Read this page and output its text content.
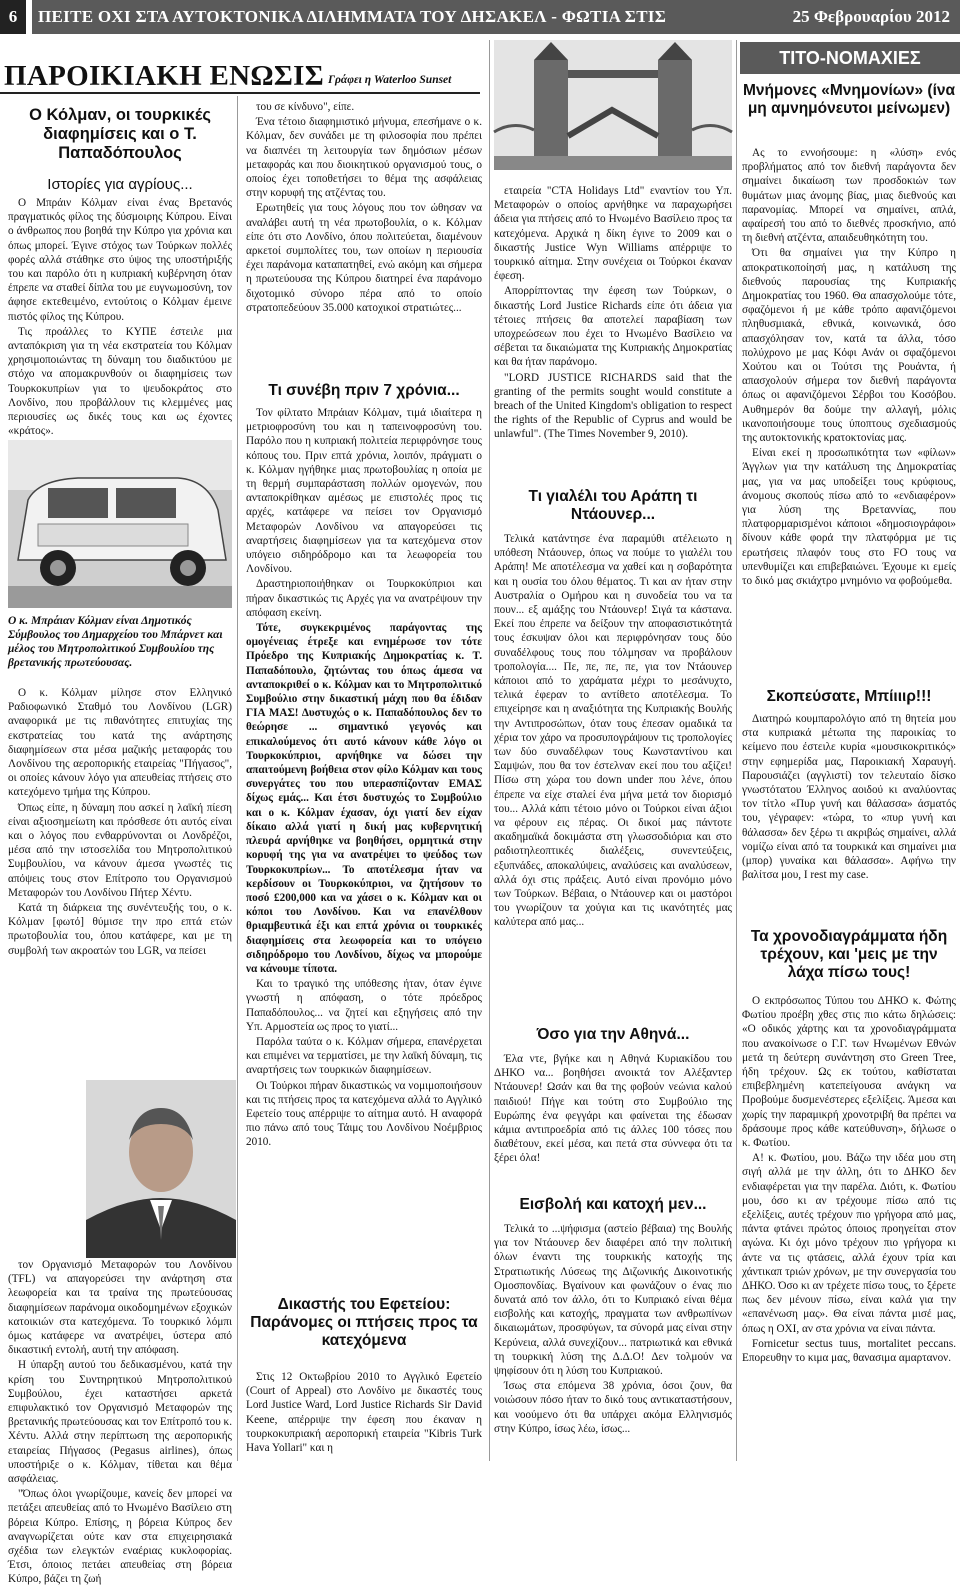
6	ΠΕΙΤΕ ΟΧΙ ΣΤΑ ΑΥΤΟΚΤΟΝΙΚΑ ΔΙΛΗΜΜΑΤΑ ΤΟΥ ΔΗΣΑΚΕΛ - ΦΩΤΙΑ ΣΤΙΣ ΒΑΣΕΙΣ
25 Φεβρουαρίου 2012
ΠΑΡΟΙΚΙΑΚΗ ΕΝΩΣΙΣ Γράφει η Waterloo Sunset
Ο Κόλμαν, οι τουρκικές διαφημίσεις και ο Τ. Παπαδόπουλος
Ιστορίες για αγρίους...

Ο Μπράιν Κόλμαν είναι ένας Βρετανός πραγματικός φίλος της δύσμοιρης Κύπρου. Είναι ο άνθρωπος που βοηθά την Κύπρο για χρόνια και όπως μπορεί. Έγινε στόχος των Τούρκων πολλές φορές αλλά στάθηκε στο ύψος της υποστήριξής του και παρόλο ότι η κυπριακή κυβέρνηση όταν έπρεπε να σταθεί δίπλα του με ευγνωμοσύνη, τον άφησε εκτεθειμένο, εντούτοις ο Κόλμαν έμεινε πιστός φίλος της Κύπρου.

Τις προάλλες το ΚΥΠΕ έστειλε μια ανταπόκριση για τη νέα εκστρατεία του Κόλμαν χρησιμοποιώντας τη δύναμη του διαδικτύου με στόχο να απομακρυνθούν οι διαφημίσεις των Τουρκοκυπρίων για το ψευδοκράτος στο Λονδίνο, που προβάλλουν τις κλεμμένες μας περιουσίες ως δικές τους και ως έχοντες «κράτος».

Ο κ. Μπράιαν Κόλμαν είναι Δημοτικός Σύμβουλος του Δημαρχείου του Μπάρνετ και μέλος του Μητροπολιτικού Συμβουλίου της βρετανικής πρωτεύουσας.

Ο κ. Κόλμαν μίλησε στον Ελληνικό Ραδιοφωνικό Σταθμό του Λονδίνου (LGR) αναφορικά με τις πιθανότητες επιτυχίας της εκστρατείας του κατά της ανάρτησης διαφημίσεων στα μέσα μαζικής μεταφοράς του Λονδίνου της αεροπορικής εταιρείας "Πήγασος", οι οποίες κάνουν λόγο για απευθείας πτήσεις στο κατεχόμενο τμήμα της Κύπρου.

Όπως είπε, η δύναμη που ασκεί η λαϊκή πίεση είναι αξιοσημείωτη και πρόσθεσε ότι αυτός είναι και ο λόγος που ενθαρρύνονται οι Λονδρέζοι, μέσα από την ιστοσελίδα του Μητροπολιτικού Συμβουλίου, να κάνουν άμεσα γνωστές τις απόψεις τους στον Επίτροπο του Οργανισμού Μεταφορών του Λονδίνου Πήτερ Χέντυ.

Κατά τη διάρκεια της συνέντευξής του, ο κ. Κόλμαν [φωτό] θύμισε την προ επτά ετών πρωτοβουλία του, όπου κατάφερε, και με τη συμβολή των ακροατών του LGR, να πείσει

τον Οργανισμό Μεταφορών του Λονδίνου (TFL) να απαγορεύσει την ανάρτηση στα λεωφορεία και τα τραίνα της πρωτεύουσας διαφημίσεων παράνομα οικοδομημένων εξοχικών κατοικιών στα κατεχόμενα. Το τουρκικό λόμπι όμως κατάφερε να ανατρέψει, ύστερα από δικαστική εντολή, αυτή την απόφαση.

Η ύπαρξη αυτού του δεδικασμένου, κατά την κρίση του Συντηρητικού Μητροπολιτικού Συμβούλου, έχει καταστήσει αρκετά επιφυλακτικό τον Οργανισμό Μεταφορών της βρετανικής πρωτεύουσας και τον Επίτροπό του κ. Χέντυ. Αλλά στην περίπτωση της αεροπορικής εταιρείας Πήγασος (Pegasus airlines), όπως υποστήριξε ο κ. Κόλμαν, τίθεται και θέμα ασφάλειας.

"Όπως όλοι γνωρίζουμε, κανείς δεν μπορεί να πετάξει απευθείας από το Ηνωμένο Βασίλειο στη βόρεια Κύπρο. Επίσης, η βόρεια Κύπρος δεν αναγνωρίζεται ούτε καν στα επιχειρησιακά σχέδια των ελεγκτών εναέριας κυκλοφορίας. Έτσι, όποιος πετάει απευθείας στη βόρεια Κύπρο, βάζει τη ζωή

του σε κίνδυνο", είπε.

Ένα τέτοιο διαφημιστικό μήνυμα, επεσήμανε ο κ. Κόλμαν, δεν συνάδει με τη φιλοσοφία που πρέπει να διαπνέει τη λειτουργία των δημόσιων μέσων μεταφοράς και που διοικητικού οργανισμού τους, ο οποίος έχει τοποθετήσει το θέμα της ασφάλειας στην κορυφή της ατζέντας του.

Ερωτηθείς για τους λόγους που τον ώθησαν να αναλάβει αυτή τη νέα πρωτοβουλία, ο κ. Κόλμαν είπε ότι στο Λονδίνο, όπου πολιτεύεται, διαμένουν αρκετοί συμπολίτες του, των οποίων η περιουσία έχει παράνομα καταπατηθεί, ενώ ακόμη και σήμερα η πρωτεύουσα της Κύπρου διατηρεί ένα παράνομο διχοτομικό σύνορο πέρα από το οποίο στρατοπεδεύουν 35.000 κατοχικοί στρατιώτες...

Τι συνέβη πριν 7 χρόνια...

Τον φίλτατο Μπράιαν Κόλμαν, τιμά ιδιαίτερα η μετριοφροσύνη του και η ταπεινοφροσύνη του. Παρόλο που η κυπριακή πολιτεία περιφρόνησε τους κόπους του. Πριν επτά χρόνια, λοιπόν, πράγματι ο κ. Κόλμαν ηγήθηκε μιας πρωτοβουλίας η οποία με τη θερμή συμπαράσταση πολλών ομογενών, που ανταποκρίθηκαν αμέσως με επιστολές προς τις αρχές, κατάφερε να πείσει τον Οργανισμό Μεταφορών Λονδίνου να απαγορεύσει τις αναρτήσεις διαφημίσεων για τα κατεχόμενα στον υπόγειο σιδηρόδρομο και τα λεωφορεία του Λονδίνου.

Δραστηριοποιήθηκαν οι Τουρκοκύπριοι και πήραν δικαστικώς τις Αρχές για να ανατρέψουν την απόφαση εκείνη.

Τότε, συγκεκριμένος παράγοντας της ομογένειας έτρεξε και ενημέρωσε τον τότε Πρόεδρο της Κυπριακής Δημοκρατίας κ. Τ. Παπαδόπουλο, ζητώντας του όπως άμεσα να ανταποκριθεί ο κ. Κόλμαν και το Μητροπολιτικό Συμβούλιο στην δικαστική μάχη που θα έδιδαν ΓΙΑ ΜΑΣ! Δυστυχώς ο κ. Παπαδόπουλος δεν το θεώρησε ... σημαντικό γεγονός και επικαλούμενος ότι αυτό κάνουν κάθε λόγο οι Τουρκοκύπριοι, αρνήθηκε να δώσει την απαιτούμενη βοήθεια στον φίλο Κόλμαν και τους συνεργάτες του που υπερασπίζονταν ΕΜΑΣ δίχως εμάς... Και έτσι δυστυχώς το Συμβούλιο και ο κ. Κόλμαν έχασαν, όχι γιατί δεν είχαν δίκαιο αλλά γιατί η δική μας κυβερνητική πλευρά αρνήθηκε να βοηθήσει, ορμητικά στην κορυφή της για να ανατρέψει το ψεύδος των Τουρκοκυπρίων... Το αποτέλεσμα ήταν να κερδίσουν οι Τουρκοκύπριοι, να ζητήσουν το ποσό £200,000 και να χάσει ο κ. Κόλμαν και οι κόποι του Λονδίνου. Και να επανέλθουν θριαμβευτικά έξι και επτά χρόνια οι τουρκικές διαφημίσεις στα λεωφορεία και το υπόγειο σιδηρόδρομο του Λονδίνου, δίχως να μπορούμε να κάνουμε τίποτα.

Και το τραγικό της υπόθεσης ήταν, όταν έγινε γνωστή η απόφαση, ο τότε πρόεδρος Παπαδόπουλος... να ζητεί και εξηγήσεις από την Υπ. Αρμοστεία ως προς το γιατί...

Παρόλα ταύτα ο κ. Κόλμαν σήμερα, επανέρχεται και επιμένει να τερματίσει, με την λαϊκή δύναμη, τις αναρτήσεις των τουρκικών διαφημίσεων.

Οι Τούρκοι πήραν δικαστικώς να νομιμοποιήσουν και τις πτήσεις προς τα κατεχόμενα αλλά το Αγγλικό Εφετείο τους απέρριψε το αίτημα αυτό. Η αναφορά πιο πάνω από τους Τάιμς του Λονδίνου Νοέμβριος 2010.

Δικαστής του Εφετείου: Παράνομες οι πτήσεις προς τα κατεχόμενα

Στις 12 Οκτωβρίου 2010 το Αγγλικό Εφετείο (Court of Appeal) στο Λονδίνο με δικαστές τους Lord Justice Ward, Lord Justice Richards Sir David Keene, απέρριψε την έφεση που έκαναν η τουρκοκυπριακή αεροπορική εταιρεία "Kibris Turk Hava Yollari" και η

εταιρεία "CTA Holidays Ltd" εναντίον του Υπ. Μεταφορών ο οποίος αρνήθηκε να παραχωρήσει άδεια για πτήσεις από το Ηνωμένο Βασίλειο προς τα κατεχόμενα. Αρχικά η δίκη έγινε το 2009 και ο δικαστής Justice Wyn Williams απέρριψε το τουρκικό αίτημα. Στην συνέχεια οι Τούρκοι έκαναν έφεση.

Απορρίπτοντας την έφεση των Τούρκων, ο δικαστής Lord Justice Richards είπε ότι άδεια για τέτοιες πτήσεις θα αποτελεί παραβίαση των υποχρεώσεων που έχει το Ηνωμένο Βασίλειο να σέβεται τα δικαιώματα της Κυπριακής Δημοκρατίας και θα ήταν παράνομο.

"LORD JUSTICE RICHARDS said that the granting of the permits sought would constitute a breach of the United Kingdom's obligation to respect the rights of the Republic of Cyprus and would be unlawful". (The Times November 9, 2010).

Τι γιαλέλι του Αράπη τι Ντάουνερ...

Τελικά κατάντησε ένα παραμύθι ατέλειωτο η υπόθεση Ντάουνερ, όπως να πούμε το γιαλέλι του Αράπη! Με αποτέλεσμα να χαθεί και η σοβαρότητα και η ουσία του όλου θέματος. Τι και αν ήταν στην Αυστραλία ο Ομήρου και η συνοδεία του να τα πουν... εξ αμάξης του Ντάουνερ! Σιγά τα κάστανα. Εκεί που έπρεπε να δείξουν την αποφασιστικότητά τους έσκυψαν όλοι και περιφρόνησαν τους δύο συναδέλφους τους που τόλμησαν να προβάλουν τροπολογία.... Πε, πε, πε, πε, για τον Ντάουνερ κάποιοι από το χαράματα μέχρι το μεσάνυχτο, τελικά έφεραν το αντίθετο αποτέλεσμα. Το επιχείρησε και η αναξιότητα της Κυπριακής Βουλής την Αντιπροσώπων, όταν τους έπεσαν ομαδικά τα χέρια τον χάρο να προσυπογράψουν τις τροπολογίες των δύο συναδέλφων τους Κωνσταντίνου και Σαμψών, που θα τον έστελναν εκεί που του αξίζει! Πίσω στη χώρα του down under που λένε, όπου έπρεπε να είχε σταλεί ένα μήνα μετά τον διορισμό του... Αλλά κάπι τέτοιο μόνο οι Τούρκοι είναι άξιοι να φέρουν εις πέρας. Οι δικοί μας πάντοτε ακαδημαϊκά δοκιμάστα στη γλωσσοδιόρια και στο ραδιοτηλεοπτικές διαλέξεις, συνεντεύξεις, εξυπνάδες, αποκαλύψεις, αναλύσεις και αναλύσεων, αλλά όχι στις πράξεις. Αυτό είναι προνόμιο μόνο των Τούρκων. Βέβαια, ο Ντάουνερ και οι μαστόροι του γνωρίζουν τα χούγια και τις ικανότητές μας καλύτερα από μας...

Όσο για την Αθηνά...

Έλα ντε, βγήκε και η Αθηνά Κυριακίδου του ΔΗΚΟ να... βοηθήσει ανοικτά τον Αλέξαντερ Ντάουνερ! Ωσάν και θα της φοβούν νεώνια καλού παιδιού! Πήγε και τούτη στο Συμβούλιο της Ευρώπης ένα φεγγάρι και φαίνεται της έδωσαν κάμια αντιπροεδρία από τις άλλες 100 τόσες που διαθέτουν, εκεί μέσα, και πετά στα σύννεφα ότι τα ξέρει όλα!

Εισβολή και κατοχή μεν...

Τελικά το ...ψήφισμα (αστείο βέβαια) της Βουλής για τον Ντάουνερ δεν διαφέρει από την πολιτική όλων έναντι της τουρκικής κατοχής της Στρατιωτικής Λύσεως της Διζωνικής Δικοινοτικής Ομοσπονδίας. Βγαίνουν και φωνάζουν ο ένας πιο δυνατά από τον άλλο, ότι το Κυπριακό είναι θέμα εισβολής και κατοχής, πραγματα των ανθρωπίνων δικαιωμάτων, προσφύγων, τα σύνορά μας είναι στην Κερύνεια, αλλά συνεχίζουν... πατριωτικά και εθνικά τη τουρκική λύση της Δ.Δ.Ο! Δεν τολμούν να ψηφίσουν ότι η λύση του Κυπριακού.

Ίσως στα επόμενα 38 χρόνια, όσοι ζουν, θα νοιώσουν πόσο ήταν το δικό τους αντικαταστήσουν, και νοούμενο ότι θα υπάρχει ακόμα Ελληνισμός στην Κύπρο, ίσως λέω, ίσως...

ΤΙΤΟ-ΝΟΜΑΧΙΕΣ
Μνήμονες «Μνημονίων» (ίνα μη αμνημόνευτοι μείνωμεν)

Ας το εννοήσουμε: η «λύση» ενός προβλήματος από τον διεθνή παράγοντα δεν σημαίνει δικαίωση των προσδοκιών των θυμάτων μιας άνομης βίας, μιας διεθνούς και παρανομίας. Μπορεί να σημαίνει, απλά, αφαίρεσή του από το διεθνές προσκήνιο, από τη διεθνή ατζέντα, απαιδευθηκότητη του.

Ότι θα σημαίνει για την Κύπρο η αποκρατικοποίησή μας, η κατάλυση της διεθνούς παρουσίας της Κυπριακής Δημοκρατίας του 1960. Θα απασχολούμε τότε, σφαζόμενοι ή με κάθε τρόπο αφανιζόμενοι πληθυσμιακά, εθνικά, κοινωνικά, όσο απασχόλησαν τον, κατά τα άλλα, τόσο πολύχρονο με μας Κόφι Ανάν οι σφαζόμενοι Χούτου και οι Τούτσι της Ρουάντα, ή απασχολούν σήμερα τον διεθνή παράγοντα όπως οι αφανιζόμενοι Σέρβοι του Κοσόβου. Αυθημερόν θα δούμε την αλλαγή, μόλις ικανοποιήσουμε τους ύποπτους σχεδιασμούς της αυτοκτονικής κρατοκτονίας μας.

Είναι εκεί η προσωπικότητα των «φίλων» Άγγλων για την κατάλυση της Δημοκρατίας μας, για να μας υποδείξει τους κρύφιους, άνομους σκοπούς πίσω από το «ενδιαφέρον» για λύση της Βρεταννίας, που πλατφορμαρισμένοι κάποιοι «δημοσιογράφοι» δίνουν κάθε φορά την πλατφόρμα με τις ερωτήσεις πλαφόν τους στο FO τους να υπενθυμίζει και επιβεβαιώνει. Έχουμε κι εμείς το δικό μας σκιάχτρο μνημόνιο να φοβούμεθα.

Σκοπεύσατε, Μπίιιιρ!!!

Διατηρώ κουμπαρολόγιο από τη θητεία μου στα κυπριακά μέτωπα της παροικίας το κείμενο που έστειλε κυρία «μουσικοκριτικός» στην εφημερίδα μας, Παροικιακή Χαραυγή. Παρουσιάζει (αγγλιστί) τον τελευταίο δίσκο γνωστότατου Έλληνος αοιδού κι αναλύοντας τον τίτλο «Πυρ γυνή και θάλασσα» άσματός του, γέγραφεν: «τώρα, το «πυρ γυνή και θάλασσα» δεν ξέρω τι ακριβώς σημαίνει, αλλά νομίζω είναι από τα τουρκικά και σημαίνει μια (μπορ) γυναίκα και θάλασσα». Αφήνω την βαλίτσα μου, I rest my case.

Τα χρονοδιαγράμματα ήδη τρέχουν, και 'μεις με την λάχα πίσω τους!

Ο εκπρόσωπος Τύπου του ΔΗΚΟ κ. Φώτης Φωτίου προέβη χθες στις πιο κάτω δηλώσεις: «Ο οδικός χάρτης και τα χρονοδιαγράμματα που ανακοίνωσε ο Γ.Γ. των Ηνωμένων Εθνών μετά τη δεύτερη συνάντηση στο Green Tree, ήδη τρέχουν. Ως εκ τούτου, καθίσταται επιβεβλημένη κατεπείγουσα ανάγκη να Προβούμε δυσμενέστερες εξελίξεις. Άμεσα και χωρίς την παραμικρή χρονοτριβή θα πρέπει να δράσουμε προς κάθε κατεύθυνση», δήλωσε ο κ. Φωτίου.

Α! κ. Φωτίου, μου. Βάζω την ιδέα μου στη σιγή αλλά με την άλλη, ότι το ΔΗΚΟ δεν ενδιαφέρεται για την παρέλα. Διότι, κ. Φωτίου μου, όσο κι αν τρέχουμε πίσω από τις εξελίξεις, αυτές τρέχουν πιο γρήγορα από μας, πάντα φτάνει πρώτος όποιος προηγείται στον αγώνα. Κι όχι μόνο τρέχουν πιο γρήγορα κι άντε να τις φτάσεις, αλλά έχουν τρία και χάντικαπ τριών χρόνων, με την συνεργασία του ΔΗΚΟ. Όσο κι αν τρέχετε πίσω τους, το ξέρετε πως δεν μένουν πίσω, είναι καλά για την «επανένωση μας». Θα είναι πάντα μισέ μας, όπως η ΟΧΙ, αν στα χρόνια να είναι πάντα.

Fornicetur sectus tuus, mortalitet peccans. Επορευθην το κιμα μας, θανασιμα αμαρτανον.
